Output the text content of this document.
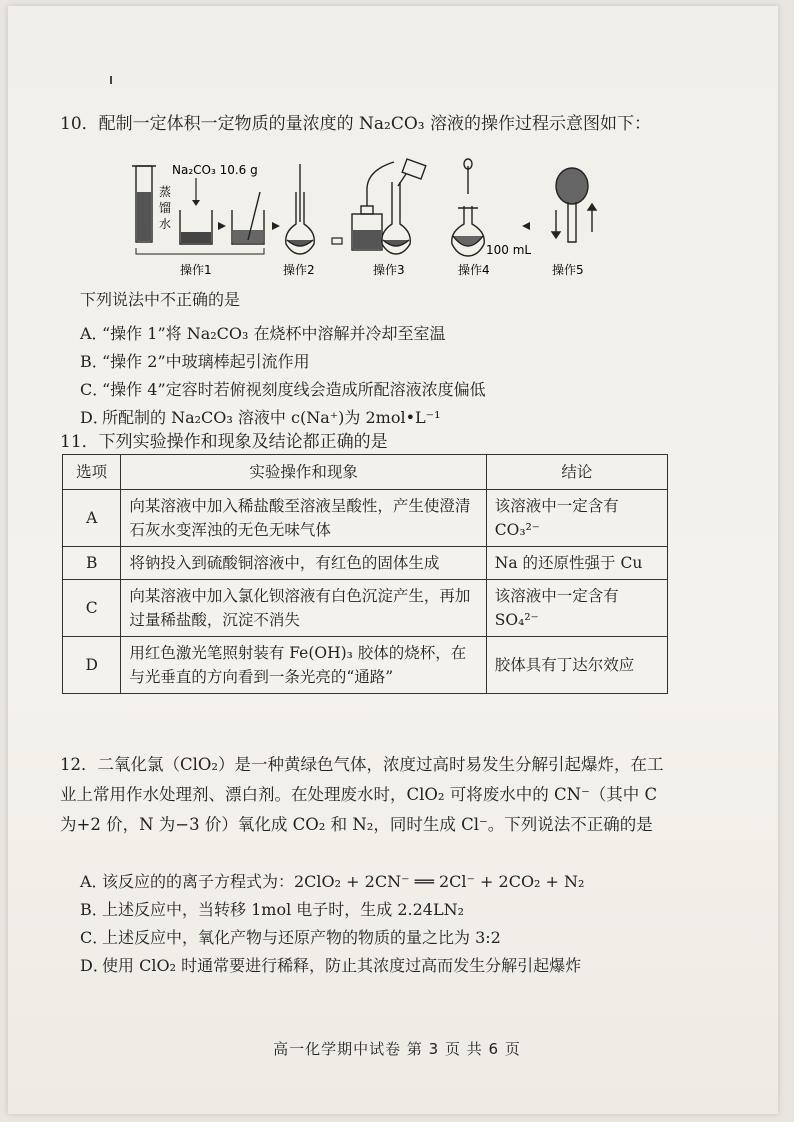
10．配制一定体积一定物质的量浓度的 Na₂CO₃ 溶液的操作过程示意图如下：
蒸
馏
水
Na₂CO₃ 10.6 g
操作1	操作2	操作3
100 mL
操作4	操作5
下列说法中不正确的是
A．“操作 1”将 Na₂CO₃ 在烧杯中溶解并冷却至室温
B．“操作 2”中玻璃棒起引流作用
C．“操作 4”定容时若俯视刻度线会造成所配溶液浓度偏低
D．所配制的 Na₂CO₃ 溶液中 c(Na⁺)为 2mol•L⁻¹
11．下列实验操作和现象及结论都正确的是
选项	实验操作和现象	结论
A	向某溶液中加入稀盐酸至溶液呈酸性，产生使澄清石灰水变浑浊的无色无味气体	该溶液中一定含有 CO₃²⁻
B	将钠投入到硫酸铜溶液中，有红色的固体生成	Na 的还原性强于 Cu
C	向某溶液中加入氯化钡溶液有白色沉淀产生，再加过量稀盐酸，沉淀不消失	该溶液中一定含有 SO₄²⁻
D	用红色激光笔照射装有 Fe(OH)₃ 胶体的烧杯，在与光垂直的方向看到一条光亮的“通路”	胶体具有丁达尔效应
12．二氧化氯（ClO₂）是一种黄绿色气体，浓度过高时易发生分解引起爆炸，在工业上常用作水处理剂、漂白剂。在处理废水时，ClO₂ 可将废水中的 CN⁻（其中 C 为+2 价，N 为−3 价）氧化成 CO₂ 和 N₂，同时生成 Cl⁻。下列说法不正确的是
A．该反应的的离子方程式为：2ClO₂ + 2CN⁻ ══ 2Cl⁻ + 2CO₂ + N₂
B．上述反应中，当转移 1mol 电子时，生成 2.24LN₂
C．上述反应中，氧化产物与还原产物的物质的量之比为 3:2
D．使用 ClO₂ 时通常要进行稀释，防止其浓度过高而发生分解引起爆炸
高一化学期中试卷 第 3 页 共 6 页
